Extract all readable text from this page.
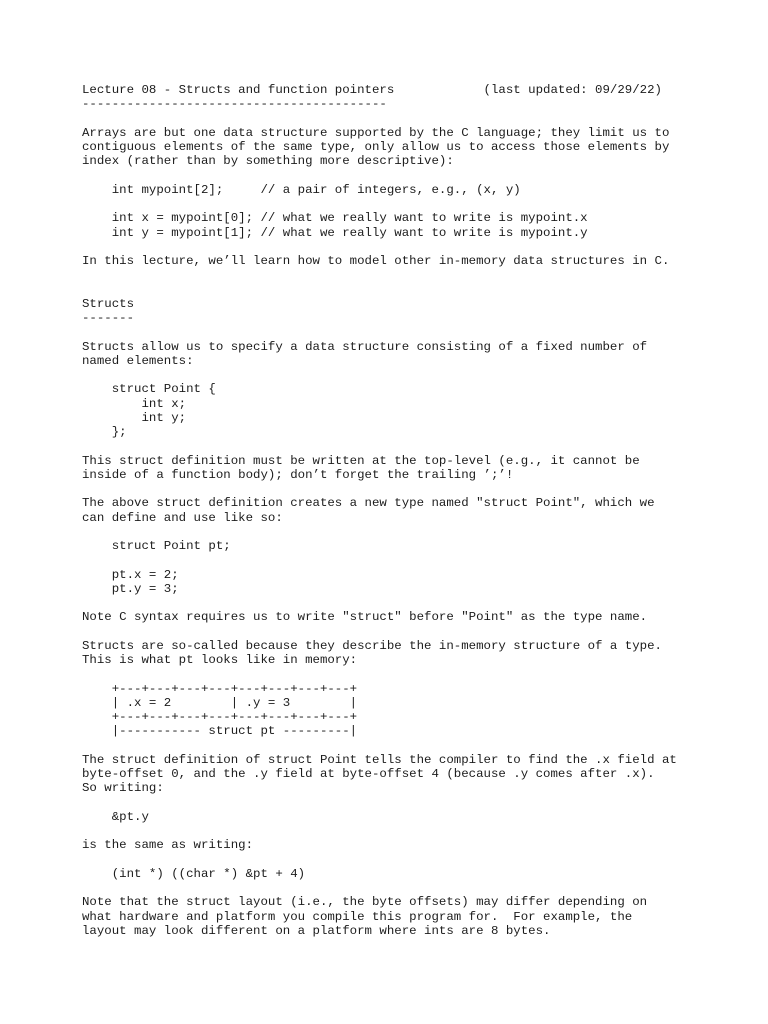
Lecture 08 - Structs and function pointers            (last updated: 09/29/22)
-----------------------------------------
Arrays are but one data structure supported by the C language; they limit us to
contiguous elements of the same type, only allow us to access those elements by
index (rather than by something more descriptive):
int mypoint[2];     // a pair of integers, e.g., (x, y)
int x = mypoint[0]; // what we really want to write is mypoint.x
int y = mypoint[1]; // what we really want to write is mypoint.y
In this lecture, we’ll learn how to model other in-memory data structures in C.
Structs
-------
Structs allow us to specify a data structure consisting of a fixed number of
named elements:
struct Point {
int x;
int y;
};
This struct definition must be written at the top-level (e.g., it cannot be
inside of a function body); don’t forget the trailing ’;’!
The above struct definition creates a new type named "struct Point", which we
can define and use like so:
struct Point pt;
pt.x = 2;
pt.y = 3;
Note C syntax requires us to write "struct" before "Point" as the type name.
Structs are so-called because they describe the in-memory structure of a type.
This is what pt looks like in memory:
+---+---+---+---+---+---+---+---+
| .x = 2        | .y = 3        |
+---+---+---+---+---+---+---+---+
|----------- struct pt ---------|
The struct definition of struct Point tells the compiler to find the .x field at
byte-offset 0, and the .y field at byte-offset 4 (because .y comes after .x).
So writing:
&pt.y
is the same as writing:
(int *) ((char *) &pt + 4)
Note that the struct layout (i.e., the byte offsets) may differ depending on
what hardware and platform you compile this program for.  For example, the
layout may look different on a platform where ints are 8 bytes.
